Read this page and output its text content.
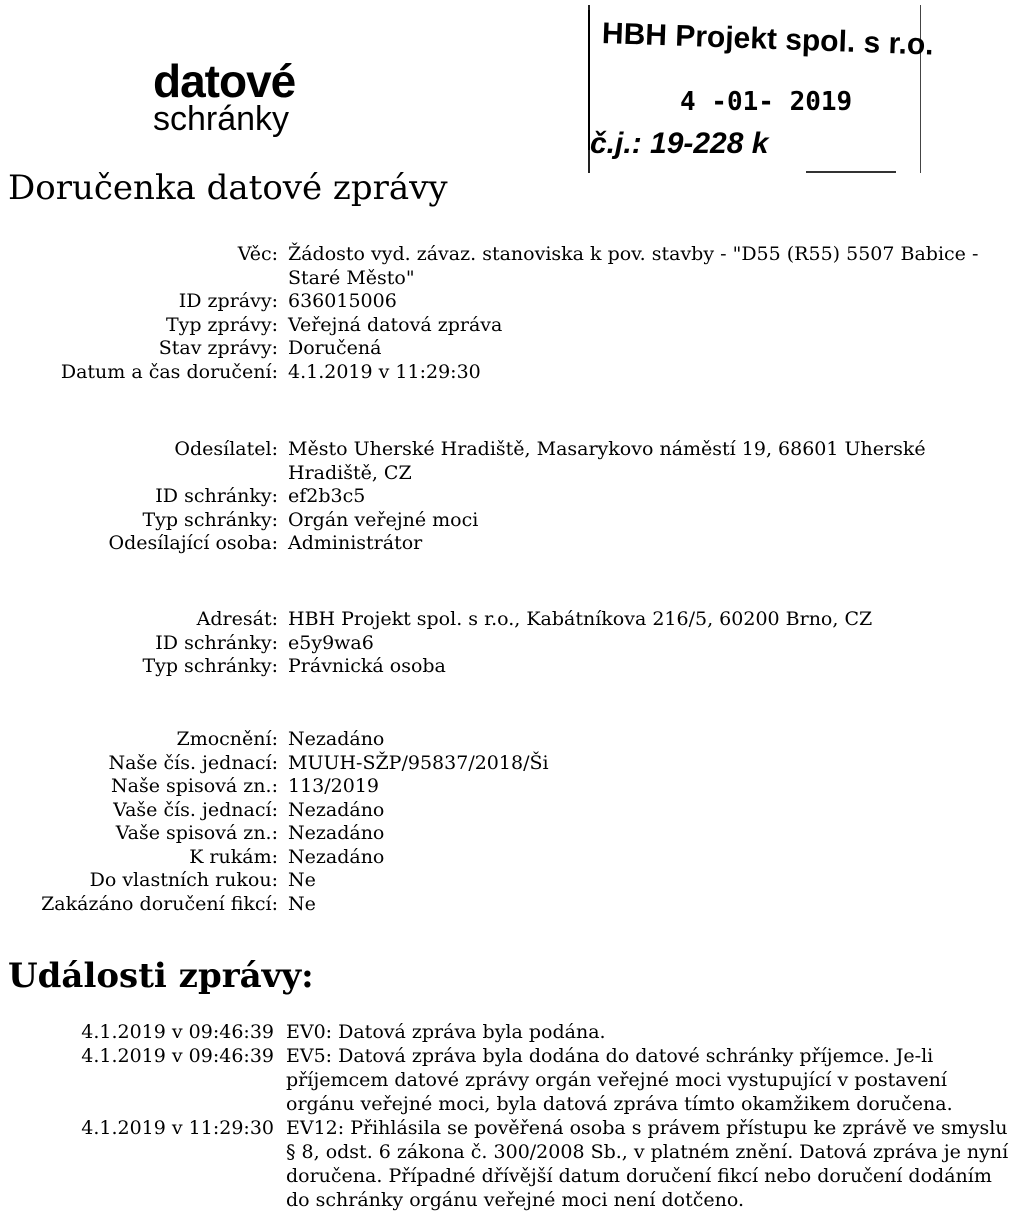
datové
schránky
HBH Projekt spol. s r.o.
4 -01- 2019
č.j.: 19-228 k
Doručenka datové zprávy
Věc: Žádosto vyd. závaz. stanoviska k pov. stavby - "D55 (R55) 5507 Babice - Staré Město"
ID zprávy: 636015006
Typ zprávy: Veřejná datová zpráva
Stav zprávy: Doručená
Datum a čas doručení: 4.1.2019 v 11:29:30
Odesílatel: Město Uherské Hradiště, Masarykovo náměstí 19, 68601 Uherské Hradiště, CZ
ID schránky: ef2b3c5
Typ schránky: Orgán veřejné moci
Odesílající osoba: Administrátor
Adresát: HBH Projekt spol. s r.o., Kabátníkova 216/5, 60200 Brno, CZ
ID schránky: e5y9wa6
Typ schránky: Právnická osoba
Zmocnění: Nezadáno
Naše čís. jednací: MUUH-SŽP/95837/2018/Ši
Naše spisová zn.: 113/2019
Vaše čís. jednací: Nezadáno
Vaše spisová zn.: Nezadáno
K rukám: Nezadáno
Do vlastních rukou: Ne
Zakázáno doručení fikcí: Ne
Události zprávy:
4.1.2019 v 09:46:39 EV0: Datová zpráva byla podána.
4.1.2019 v 09:46:39 EV5: Datová zpráva byla dodána do datové schránky příjemce. Je-li příjemcem datové zprávy orgán veřejné moci vystupující v postavení orgánu veřejné moci, byla datová zpráva tímto okamžikem doručena.
4.1.2019 v 11:29:30 EV12: Přihlásila se pověřená osoba s právem přístupu ke zprávě ve smyslu § 8, odst. 6 zákona č. 300/2008 Sb., v platném znění. Datová zpráva je nyní doručena. Případné dřívější datum doručení fikcí nebo doručení dodáním do schránky orgánu veřejné moci není dotčeno.
